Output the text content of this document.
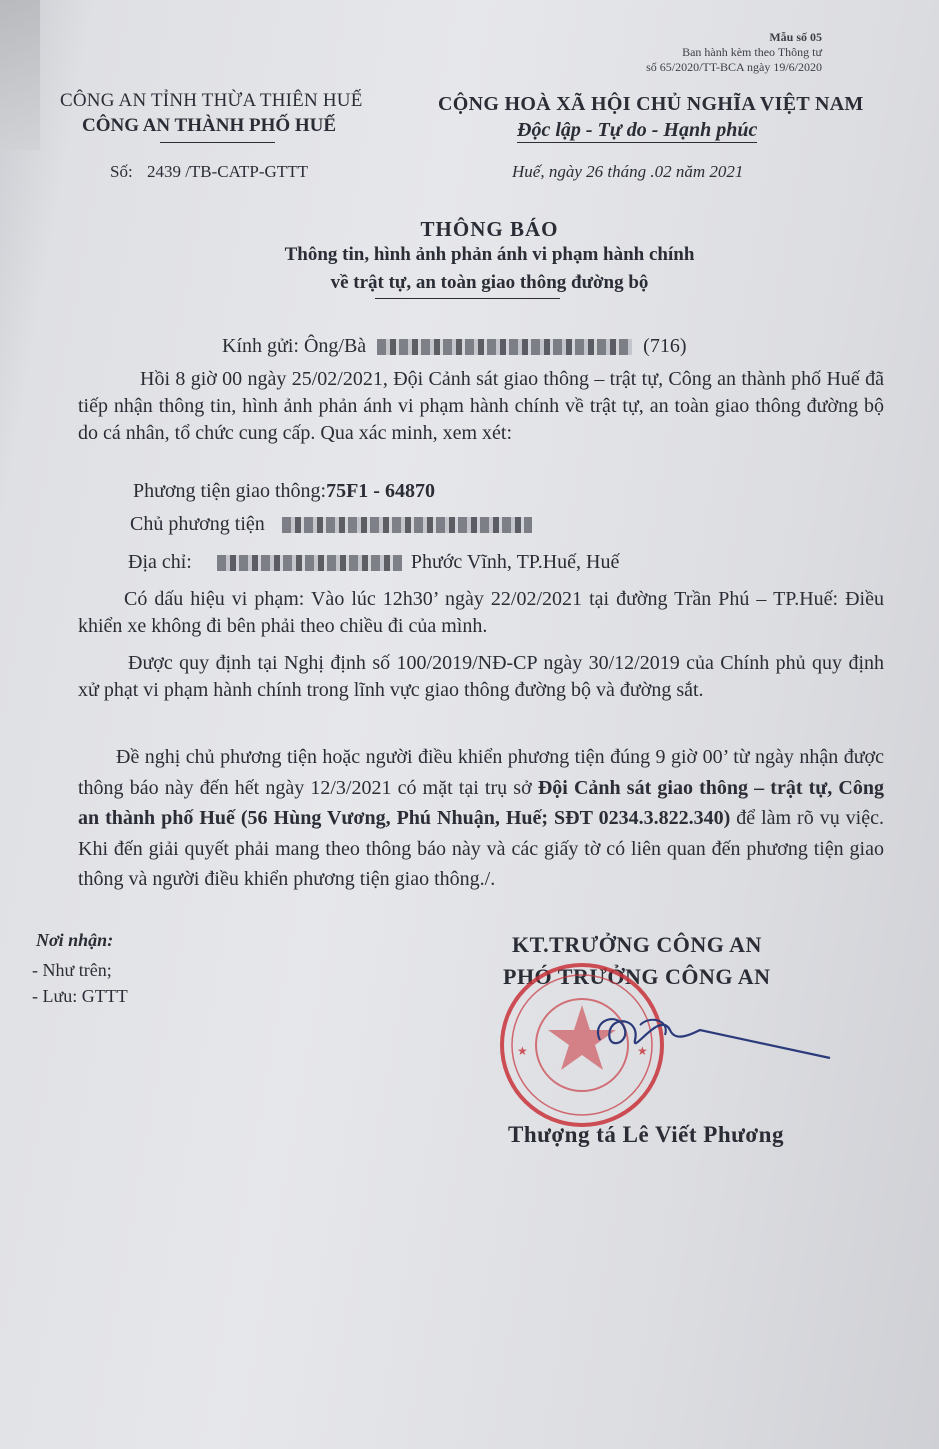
Mẫu số 05
Ban hành kèm theo Thông tư
số 65/2020/TT-BCA ngày 19/6/2020
CÔNG AN TỈNH THỪA THIÊN HUẾ
CÔNG AN THÀNH PHỐ HUẾ
CỘNG HOÀ XÃ HỘI CHỦ NGHĨA VIỆT NAM
Độc lập - Tự do - Hạnh phúc
Số: 2439 /TB-CATP-GTTT	Huế, ngày 26 tháng .02 năm 2021
THÔNG BÁO
Thông tin, hình ảnh phản ánh vi phạm hành chính
về trật tự, an toàn giao thông đường bộ
Kính gửi: Ông/Bà	(716)
Hồi 8 giờ 00 ngày 25/02/2021, Đội Cảnh sát giao thông – trật tự, Công an thành phố Huế đã tiếp nhận thông tin, hình ảnh phản ánh vi phạm hành chính về trật tự, an toàn giao thông đường bộ do cá nhân, tổ chức cung cấp. Qua xác minh, xem xét:
Phương tiện giao thông:75F1 - 64870
Chủ phương tiện
Địa chỉ:	Phước Vĩnh, TP.Huế, Huế
Có dấu hiệu vi phạm: Vào lúc 12h30’ ngày 22/02/2021 tại đường Trần Phú – TP.Huế: Điều khiển xe không đi bên phải theo chiều đi của mình.
Được quy định tại Nghị định số 100/2019/NĐ-CP ngày 30/12/2019 của Chính phủ quy định xử phạt vi phạm hành chính trong lĩnh vực giao thông đường bộ và đường sắt.
Đề nghị chủ phương tiện hoặc người điều khiển phương tiện đúng 9 giờ 00’ từ ngày nhận được thông báo này đến hết ngày 12/3/2021 có mặt tại trụ sở Đội Cảnh sát giao thông – trật tự, Công an thành phố Huế (56 Hùng Vương, Phú Nhuận, Huế; SĐT 0234.3.822.340) để làm rõ vụ việc. Khi đến giải quyết phải mang theo thông báo này và các giấy tờ có liên quan đến phương tiện giao thông và người điều khiển phương tiện giao thông./.
Nơi nhận:
- Như trên;
- Lưu: GTTT
KT.TRƯỞNG CÔNG AN
PHÓ TRƯỞNG CÔNG AN
★	★
Thượng tá Lê Viết Phương
